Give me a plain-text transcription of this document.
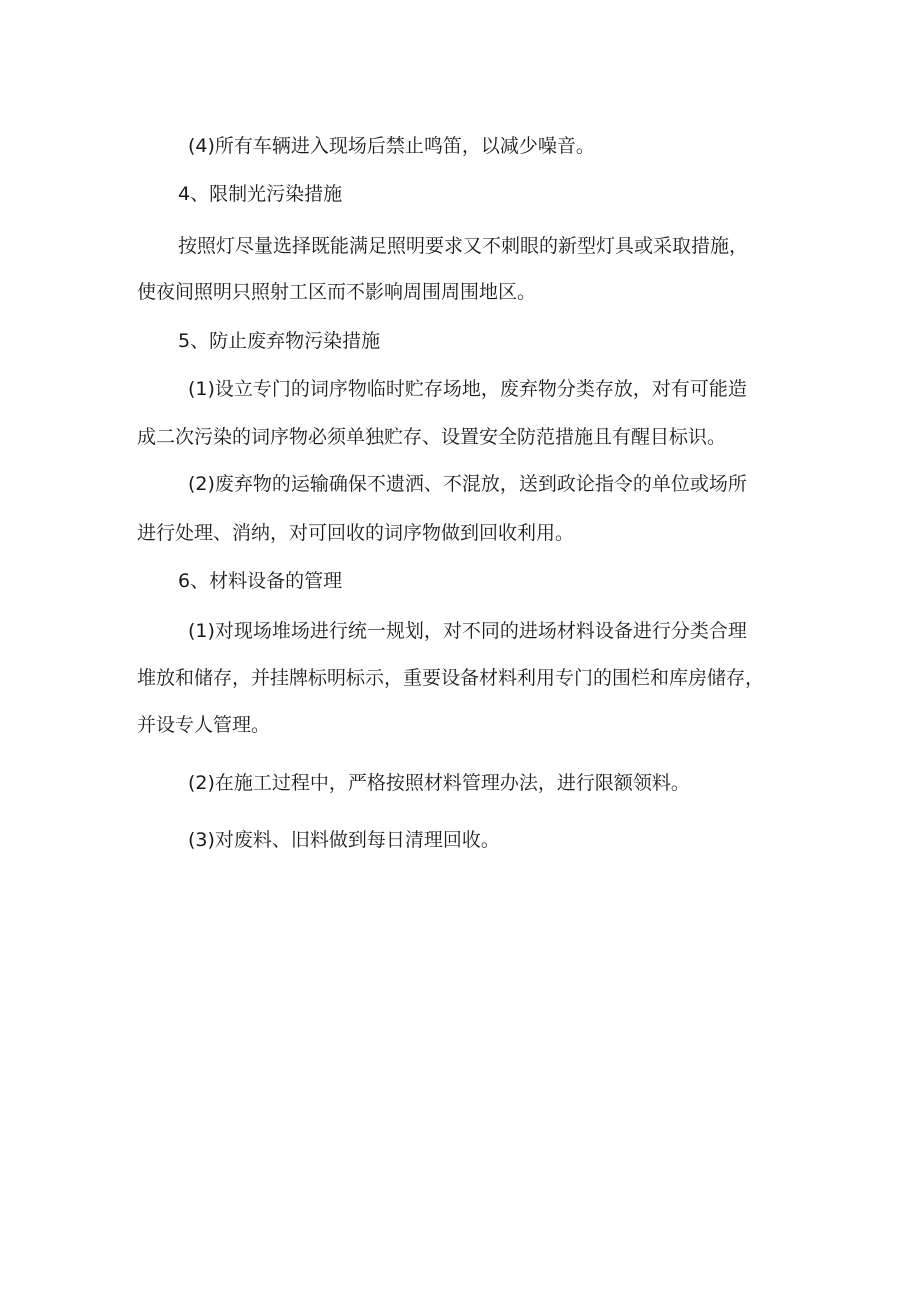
(4)所有车辆进入现场后禁止鸣笛，以减少噪音。
4、限制光污染措施
按照灯尽量选择既能满足照明要求又不刺眼的新型灯具或采取措施，
使夜间照明只照射工区而不影响周围周围地区。
5、防止废弃物污染措施
(1)设立专门的词序物临时贮存场地，废弃物分类存放，对有可能造
成二次污染的词序物必须单独贮存、设置安全防范措施且有醒目标识。
(2)废弃物的运输确保不遗洒、不混放，送到政论指令的单位或场所
进行处理、消纳，对可回收的词序物做到回收利用。
6、材料设备的管理
(1)对现场堆场进行统一规划，对不同的进场材料设备进行分类合理
堆放和储存，并挂牌标明标示，重要设备材料利用专门的围栏和库房储存，
并设专人管理。
(2)在施工过程中，严格按照材料管理办法，进行限额领料。
(3)对废料、旧料做到每日清理回收。
